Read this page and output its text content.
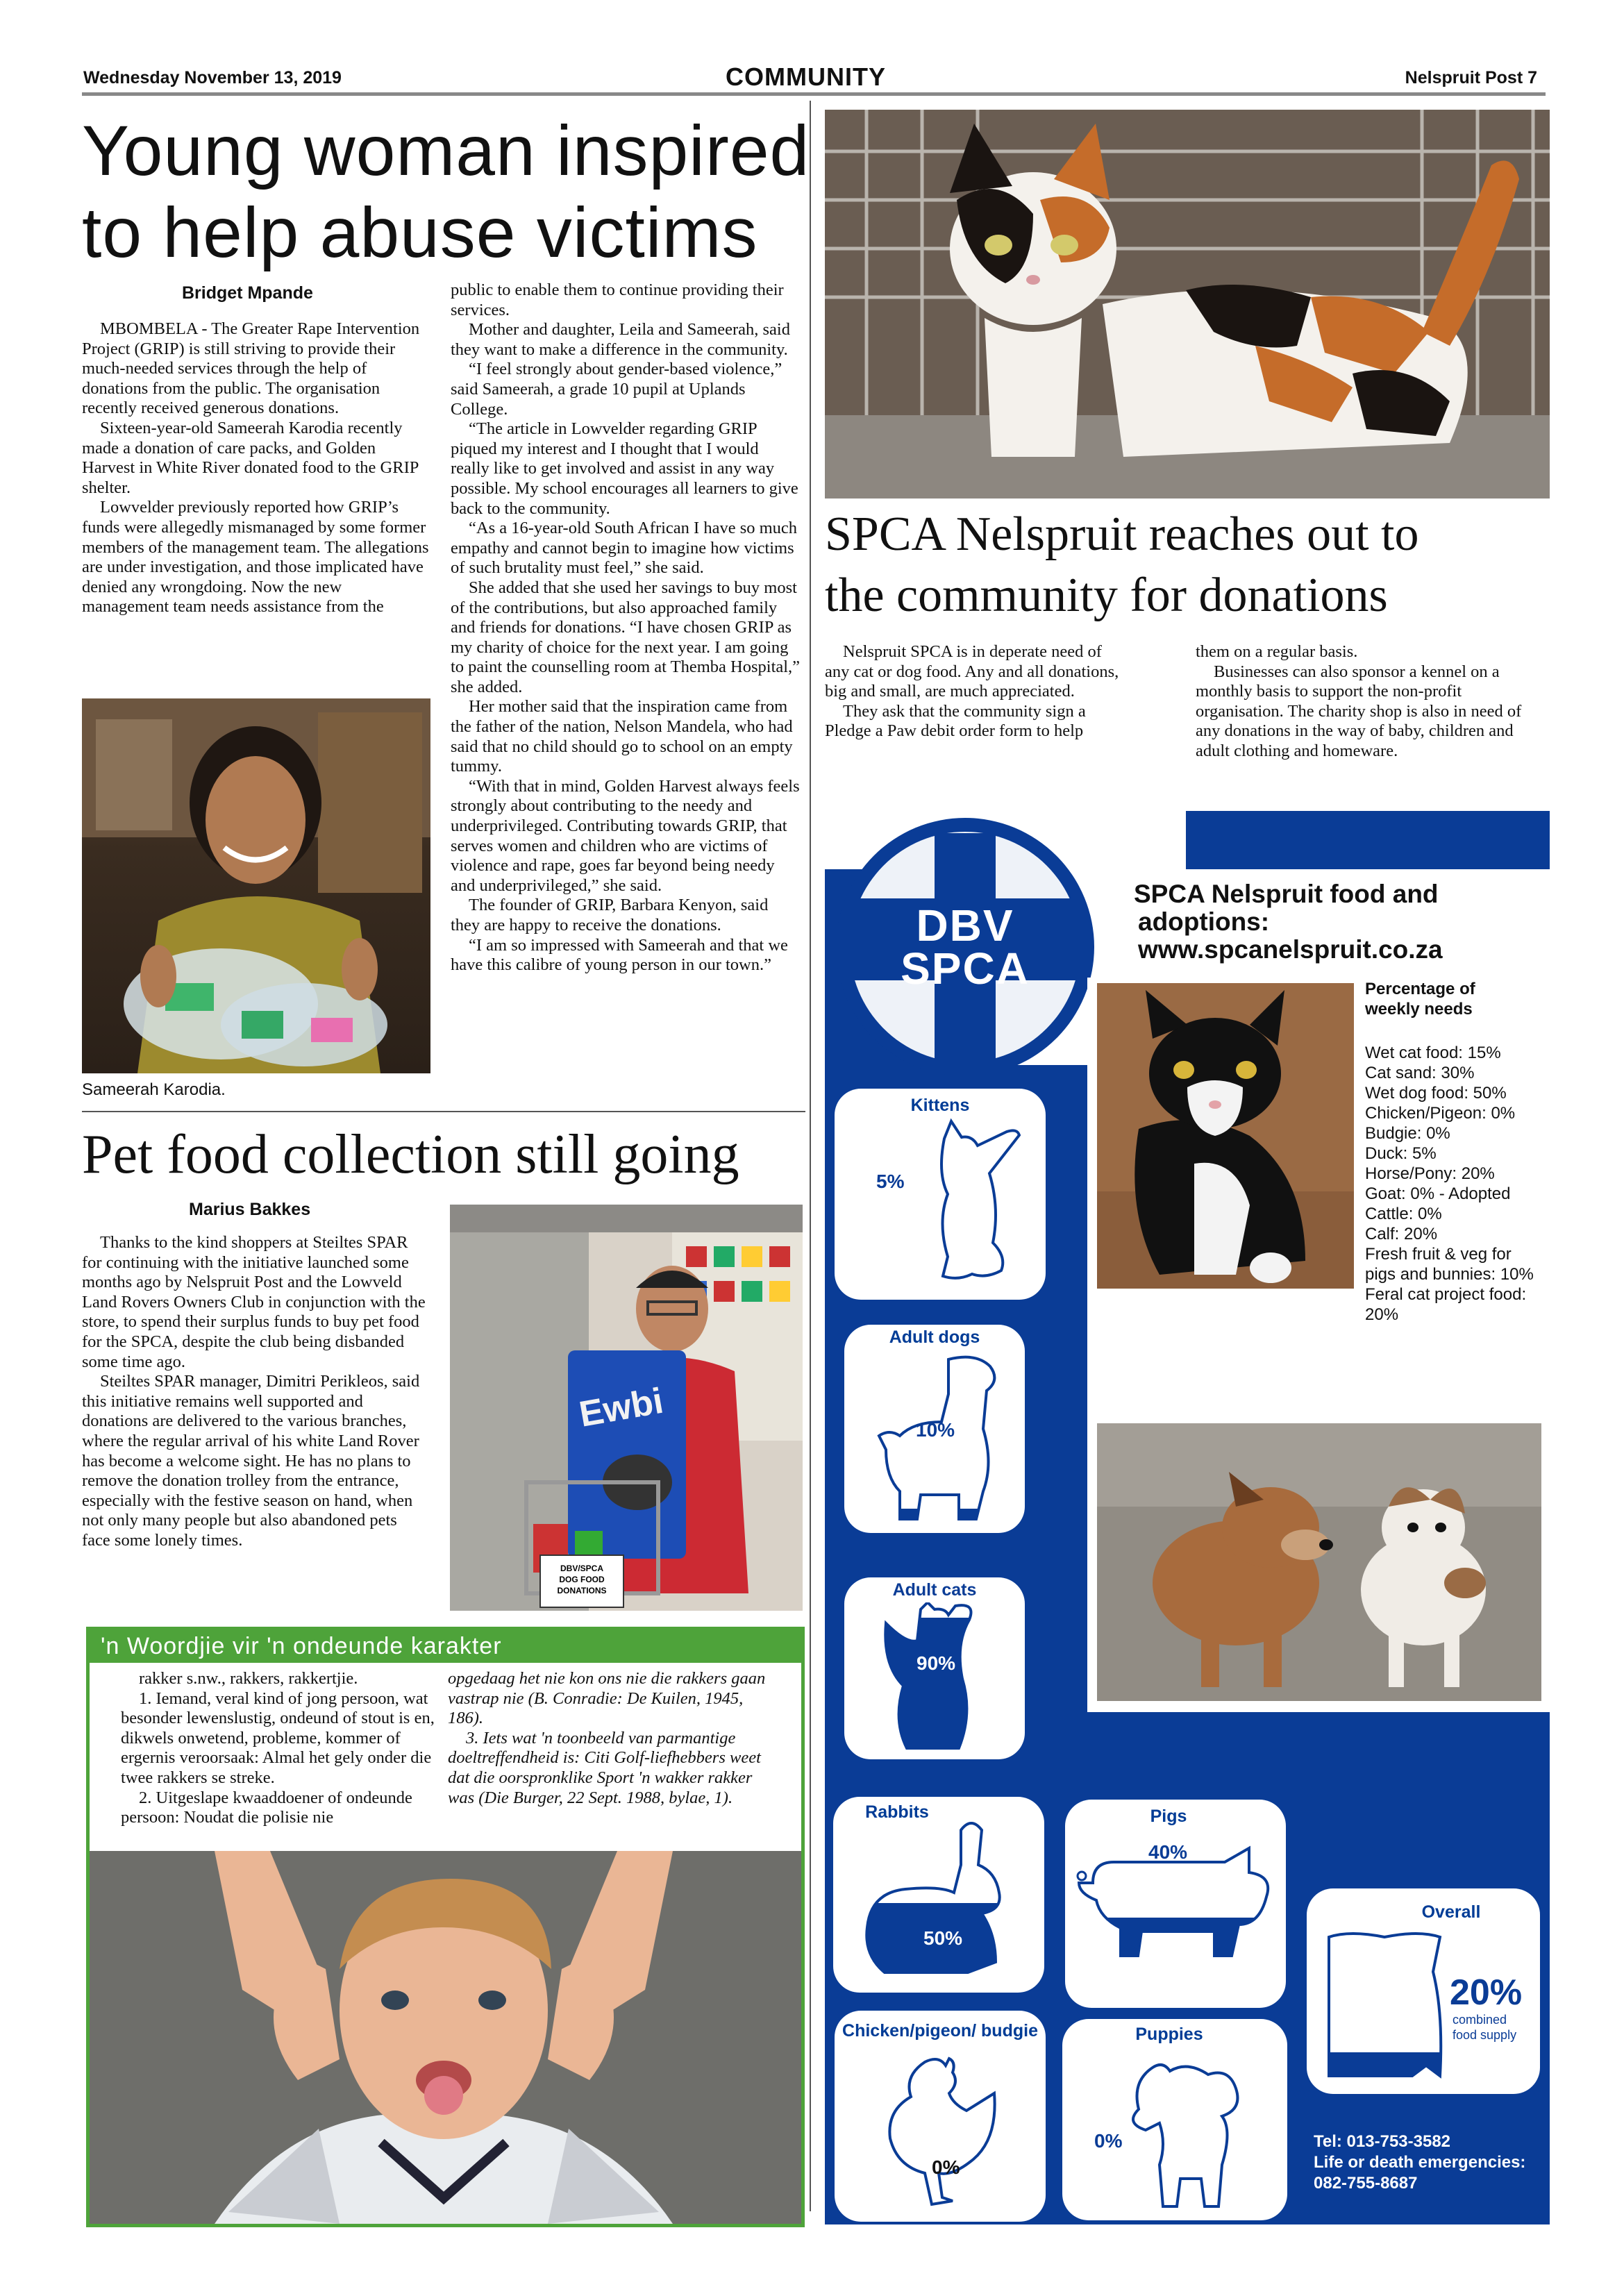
Wednesday November 13, 2019	COMMUNITY	Nelspruit Post 7
Young woman inspired
to help abuse victims
Bridget Mpande

MBOMBELA - The Greater Rape Intervention Project (GRIP) is still striving to provide their much-needed services through the help of donations from the public. The organisation recently received generous donations.

Sixteen-year-old Sameerah Karodia recently made a donation of care packs, and Golden Harvest in White River donated food to the GRIP shelter.

Lowvelder previously reported how GRIP’s funds were allegedly mismanaged by some former members of the management team. The allegations are under investigation, and those implicated have denied any wrongdoing. Now the new management team needs assistance from the

public to enable them to continue providing their services.

Mother and daughter, Leila and Sameerah, said they want to make a difference in the community.

“I feel strongly about gender-based violence,” said Sameerah, a grade 10 pupil at Uplands College.

“The article in Lowvelder regarding GRIP piqued my interest and I thought that I would really like to get involved and assist in any way possible. My school encourages all learners to give back to the community.

“As a 16-year-old South African I have so much empathy and cannot begin to imagine how victims of such brutality must feel,” she said.

She added that she used her savings to buy most of the contributions, but also approached family and friends for donations. “I have chosen GRIP as my charity of choice for the next year. I am going to paint the counselling room at Themba Hospital,” she added.

Her mother said that the inspiration came from the father of the nation, Nelson Mandela, who had said that no child should go to school on an empty tummy.

“With that in mind, Golden Harvest always feels strongly about contributing to the needy and underprivileged. Contributing towards GRIP, that serves women and children who are victims of violence and rape, goes far beyond being needy and underprivileged,” she said.

The founder of GRIP, Barbara Kenyon, said they are happy to receive the donations.

“I am so impressed with Sameerah and that we have this calibre of young person in our town.”

Sameerah Karodia.
Pet food collection still going
Marius Bakkes

Thanks to the kind shoppers at Steiltes SPAR for continuing with the initiative launched some months ago by Nelspruit Post and the Lowveld Land Rovers Owners Club in conjunction with the store, to spend their surplus funds to buy pet food for the SPCA, despite the club being disbanded some time ago.

Steiltes SPAR manager, Dimitri Perikleos, said this initiative remains well supported and donations are delivered to the various branches, where the regular arrival of his white Land Rover has become a welcome sight. He has no plans to remove the donation trolley from the entrance, especially with the festive season on hand, when not only many people but also abandoned pets face some lonely times.

Ewbi
DBV/SPCA
DOG FOOD
DONATIONS
'n Woordjie vir 'n ondeunde karakter

rakker s.nw., rakkers, rakkertjie.

1. Iemand, veral kind of jong persoon, wat besonder lewenslustig, ondeund of stout is en, dikwels onwetend, probleme, kommer of ergernis veroorsaak: Almal het gely onder die twee rakkers se streke.

2. Uitgeslape kwaaddoener of ondeunde persoon: Noudat die polisie nie

opgedaag het nie kon ons nie die rakkers gaan vastrap nie (B. Conradie: De Kuilen, 1945, 186).

3. Iets wat 'n toonbeeld van parmantige doeltreffendheid is: Citi Golf-liefhebbers weet dat die oorspronklike Sport 'n wakker rakker was (Die Burger, 22 Sept. 1988, bylae, 1).

SPCA Nelspruit reaches out to
the community for donations

Nelspruit SPCA is in deperate need of any cat or dog food. Any and all donations, big and small, are much appreciated.

They ask that the community sign a Pledge a Paw debit order form to help

them on a regular basis.

Businesses can also sponsor a kennel on a monthly basis to support the non-profit organisation. The charity shop is also in need of any donations in the way of baby, children and adult clothing and homeware.

DBV
SPCA
SPCA Nelspruit food and
adoptions:
www.spcanelspruit.co.za
Percentage of weekly needs
Wet cat food: 15%
Cat sand: 30%
Wet dog food: 50%
Chicken/Pigeon: 0%
Budgie: 0%
Duck: 5%
Horse/Pony: 20%
Goat: 0% - Adopted
Cattle: 0%
Calf: 20%
Fresh fruit & veg for pigs and bunnies: 10%
Feral cat project food: 20%
Kittens
5%
Adult dogs
10%
Adult cats
90%
Rabbits
50%
Pigs
40%
Overall
20%
combined food supply
Chicken/pigeon/ budgie
0%
Puppies
0%	Tel: 013-753-3582
Life or death emergencies:
082-755-8687
